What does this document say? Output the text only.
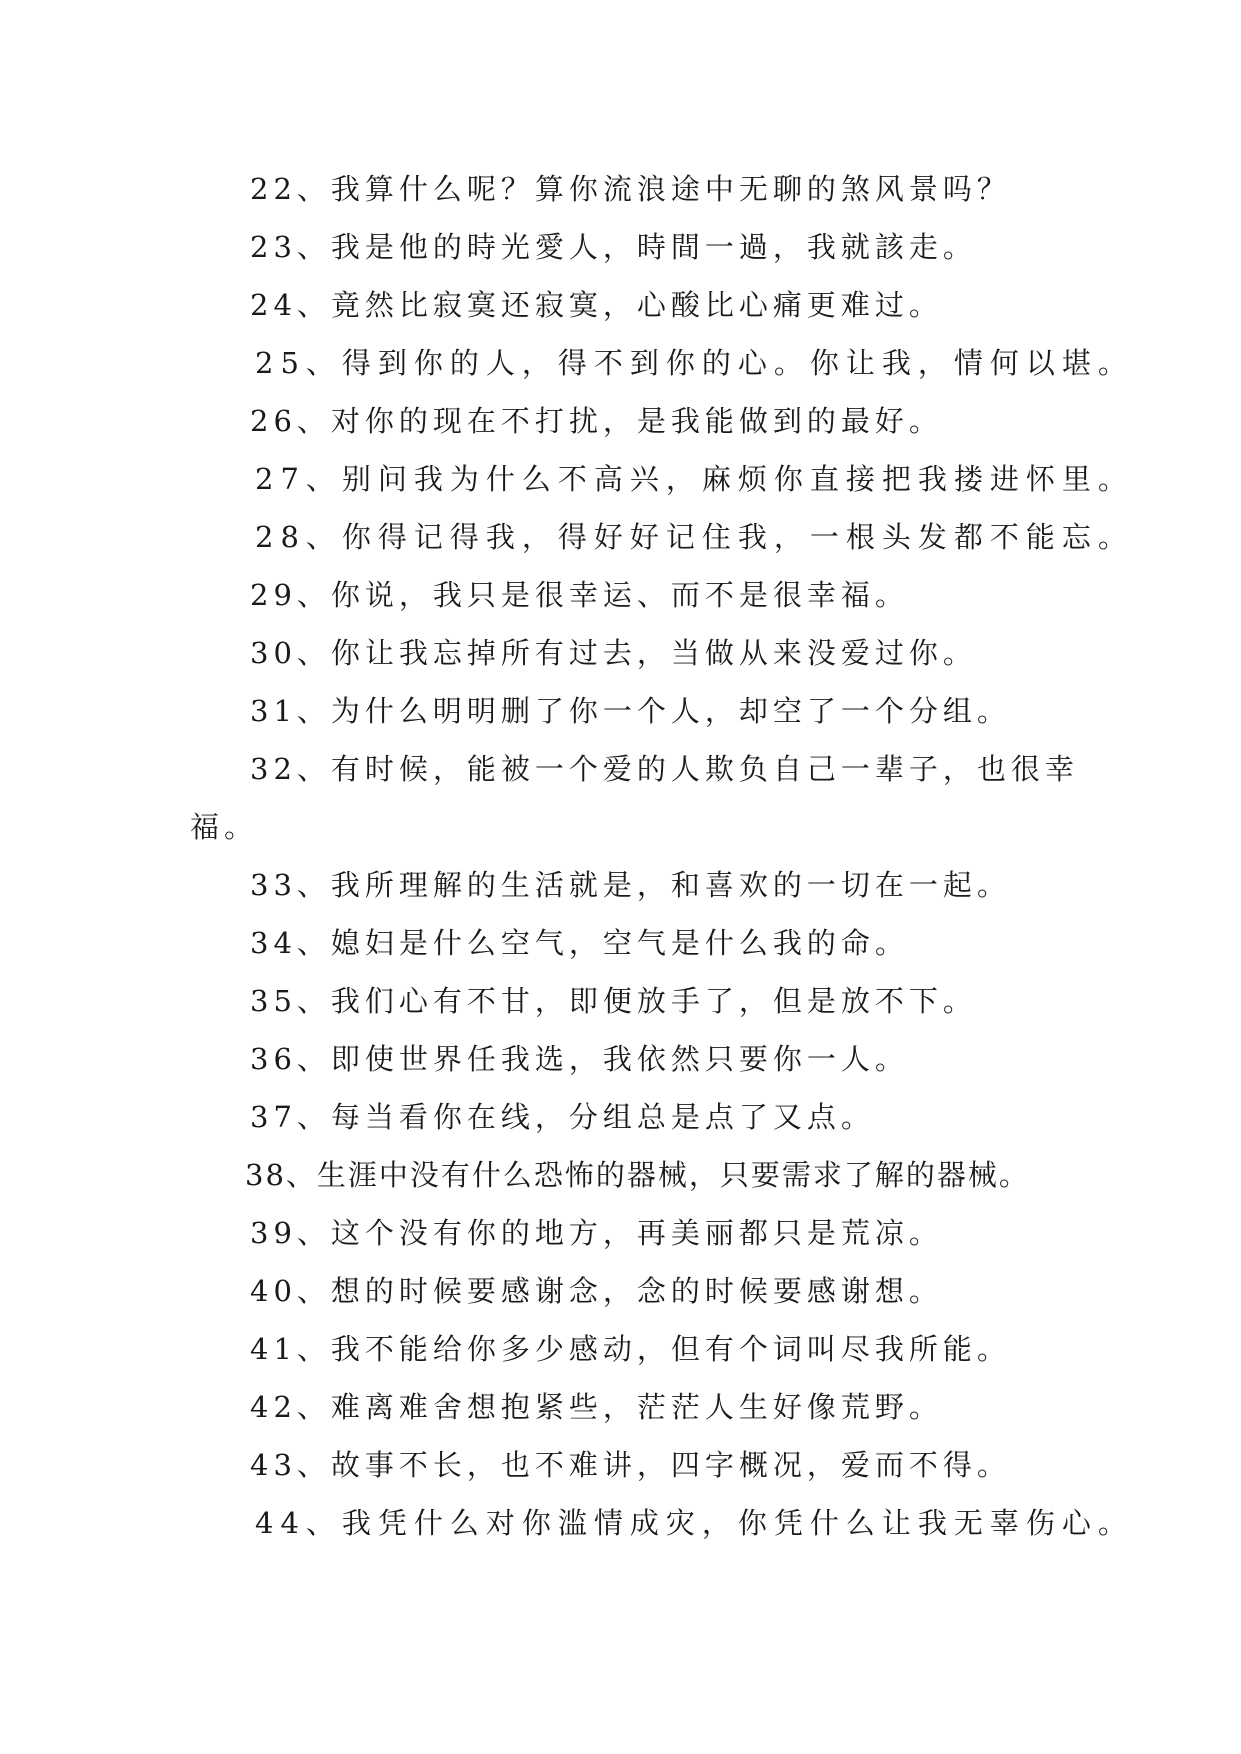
22、我算什么呢？算你流浪途中无聊的煞风景吗？
23、我是他的時光愛人，時間一過，我就該走。
24、竟然比寂寞还寂寞，心酸比心痛更难过。
25、得到你的人，得不到你的心。你让我，情何以堪。
26、对你的现在不打扰，是我能做到的最好。
27、别问我为什么不高兴，麻烦你直接把我搂进怀里。
28、你得记得我，得好好记住我，一根头发都不能忘。
29、你说，我只是很幸运、而不是很幸福。
30、你让我忘掉所有过去，当做从来没爱过你。
31、为什么明明删了你一个人，却空了一个分组。
32、有时候，能被一个爱的人欺负自己一辈子，也很幸
福。
33、我所理解的生活就是，和喜欢的一切在一起。
34、媳妇是什么空气，空气是什么我的命。
35、我们心有不甘，即便放手了，但是放不下。
36、即使世界任我选，我依然只要你一人。
37、每当看你在线，分组总是点了又点。
38、生涯中没有什么恐怖的器械，只要需求了解的器械。
39、这个没有你的地方，再美丽都只是荒凉。
40、想的时候要感谢念，念的时候要感谢想。
41、我不能给你多少感动，但有个词叫尽我所能。
42、难离难舍想抱紧些，茫茫人生好像荒野。
43、故事不长，也不难讲，四字概况，爱而不得。
44、我凭什么对你滥情成灾，你凭什么让我无辜伤心。
